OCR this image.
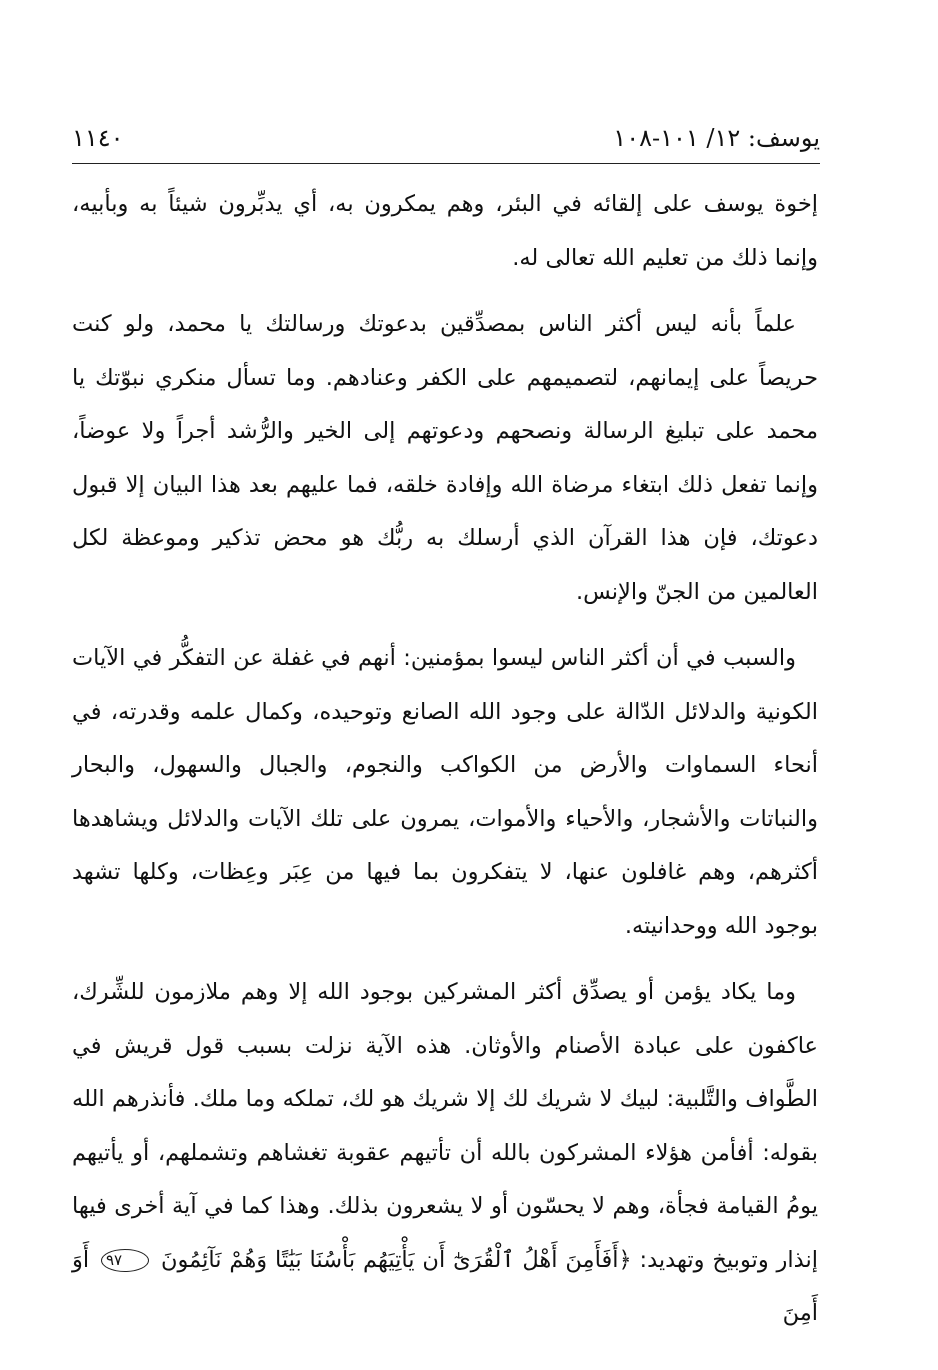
يوسف: ١٢/ ١٠١-١٠٨
١١٤٠

إخوة يوسف على إلقائه في البئر، وهم يمكرون به، أي يدبِّرون شيئاً به وبأبيه، وإنما ذلك من تعليم الله تعالى له.

علماً بأنه ليس أكثر الناس بمصدِّقين بدعوتك ورسالتك يا محمد، ولو كنت حريصاً على إيمانهم، لتصميمهم على الكفر وعنادهم. وما تسأل منكري نبوّتك يا محمد على تبليغ الرسالة ونصحهم ودعوتهم إلى الخير والرُّشد أجراً ولا عوضاً، وإنما تفعل ذلك ابتغاء مرضاة الله وإفادة خلقه، فما عليهم بعد هذا البيان إلا قبول دعوتك، فإن هذا القرآن الذي أرسلك به ربُّك هو محض تذكير وموعظة لكل العالمين من الجنّ والإنس.

والسبب في أن أكثر الناس ليسوا بمؤمنين: أنهم في غفلة عن التفكُّر في الآيات الكونية والدلائل الدّالة على وجود الله الصانع وتوحيده، وكمال علمه وقدرته، في أنحاء السماوات والأرض من الكواكب والنجوم، والجبال والسهول، والبحار والنباتات والأشجار، والأحياء والأموات، يمرون على تلك الآيات والدلائل ويشاهدها أكثرهم، وهم غافلون عنها، لا يتفكرون بما فيها من عِبَر وعِظات، وكلها تشهد بوجود الله ووحدانيته.

وما يكاد يؤمن أو يصدِّق أكثر المشركين بوجود الله إلا وهم ملازمون للشِّرك، عاكفون على عبادة الأصنام والأوثان. هذه الآية نزلت بسبب قول قريش في الطَّواف والتَّلبية: لبيك لا شريك لك إلا شريك هو لك، تملكه وما ملك. فأنذرهم الله بقوله: أفأمن هؤلاء المشركون بالله أن تأتيهم عقوبة تغشاهم وتشملهم، أو يأتيهم يومُ القيامة فجأة، وهم لا يحسّون أو لا يشعرون بذلك. وهذا كما في آية أخرى فيها إنذار وتوبيخ وتهديد: ﴿أَفَأَمِنَ أَهْلُ ٱلْقُرَىٰٓ أَن يَأْتِيَهُم بَأْسُنَا بَيَٰتًا وَهُمْ نَآئِمُونَ ٩٧ أَوَ أَمِنَ
